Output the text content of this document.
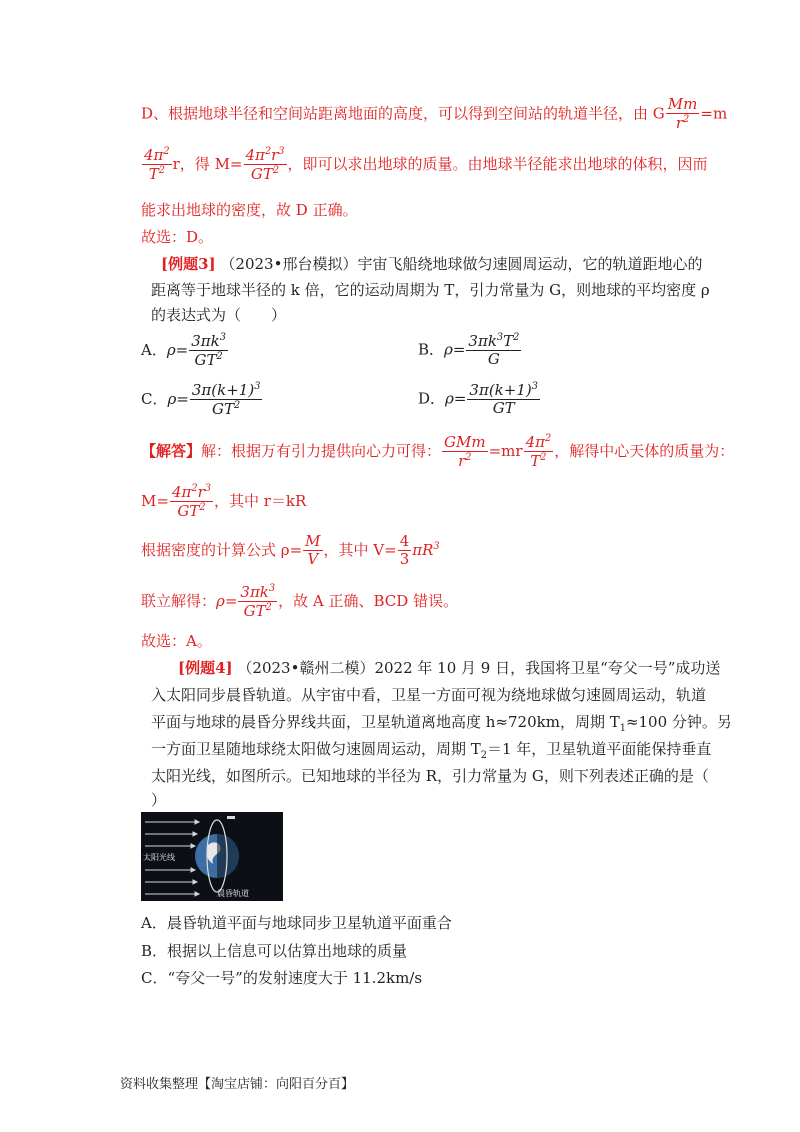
D、根据地球半径和空间站距离地面的高度，可以得到空间站的轨道半径，由 G $\frac{Mm}{r^2} =m$
$\frac{4\pi^2}{T^2}$ r，得 $M= \frac{4\pi^2r^3}{GT^2}$ ，即可以求出地球的质量。由地球半径能求出地球的体积，因而
能求出地球的密度，故 D 正确。
故选：D。
[例题3] （2023•邢台模拟）宇宙飞船绕地球做匀速圆周运动，它的轨道距地心的
距离等于地球半径的 k 倍，它的运动周期为 T，引力常量为 G，则地球的平均密度 ρ
的表达式为（　　）
A．$\rho= \frac{3\pi k^3}{GT^2}$	B．$\rho= \frac{3\pi k^3T^2}{G}$
C．$\rho= \frac{3\pi(k+1)^3}{GT^2}$	D．$\rho= \frac{3\pi(k+1)^3}{GT}$
【解答】解：根据万有引力提供向心力可得： $\frac{\text{GMm}}{r^2} =mr \frac{4\pi^2}{T^2}$ ，解得中心天体的质量为：
$M= \frac{4\pi^2r^3}{GT^2}$ ，其中 r＝kR
根据密度的计算公式 $\rho= \frac{M}{V}$ ，其中 $V= \frac{4}{3} \pi R^3$
联立解得：$\rho= \frac{3\pi k^3}{GT^2}$ ，故 A 正确、BCD 错误。
故选：A。
[例题4] （2023•赣州二模）2022 年 10 月 9 日，我国将卫星“夸父一号”成功送
入太阳同步晨昏轨道。从宇宙中看，卫星一方面可视为绕地球做匀速圆周运动，轨道
平面与地球的晨昏分界线共面，卫星轨道离地高度 h≈720km，周期 $T_1\approx 100$ 分钟。另
一方面卫星随地球绕太阳做匀速圆周运动，周期 $T_2=1$ 年，卫星轨道平面能保持垂直
太阳光线，如图所示。已知地球的半径为 R，引力常量为 G，则下列表述正确的是（
）
太阳光线
晨昏轨道
A．晨昏轨道平面与地球同步卫星轨道平面重合
B．根据以上信息可以估算出地球的质量
C．“夸父一号”的发射速度大于 11.2km/s
资料收集整理【淘宝店铺：向阳百分百】
